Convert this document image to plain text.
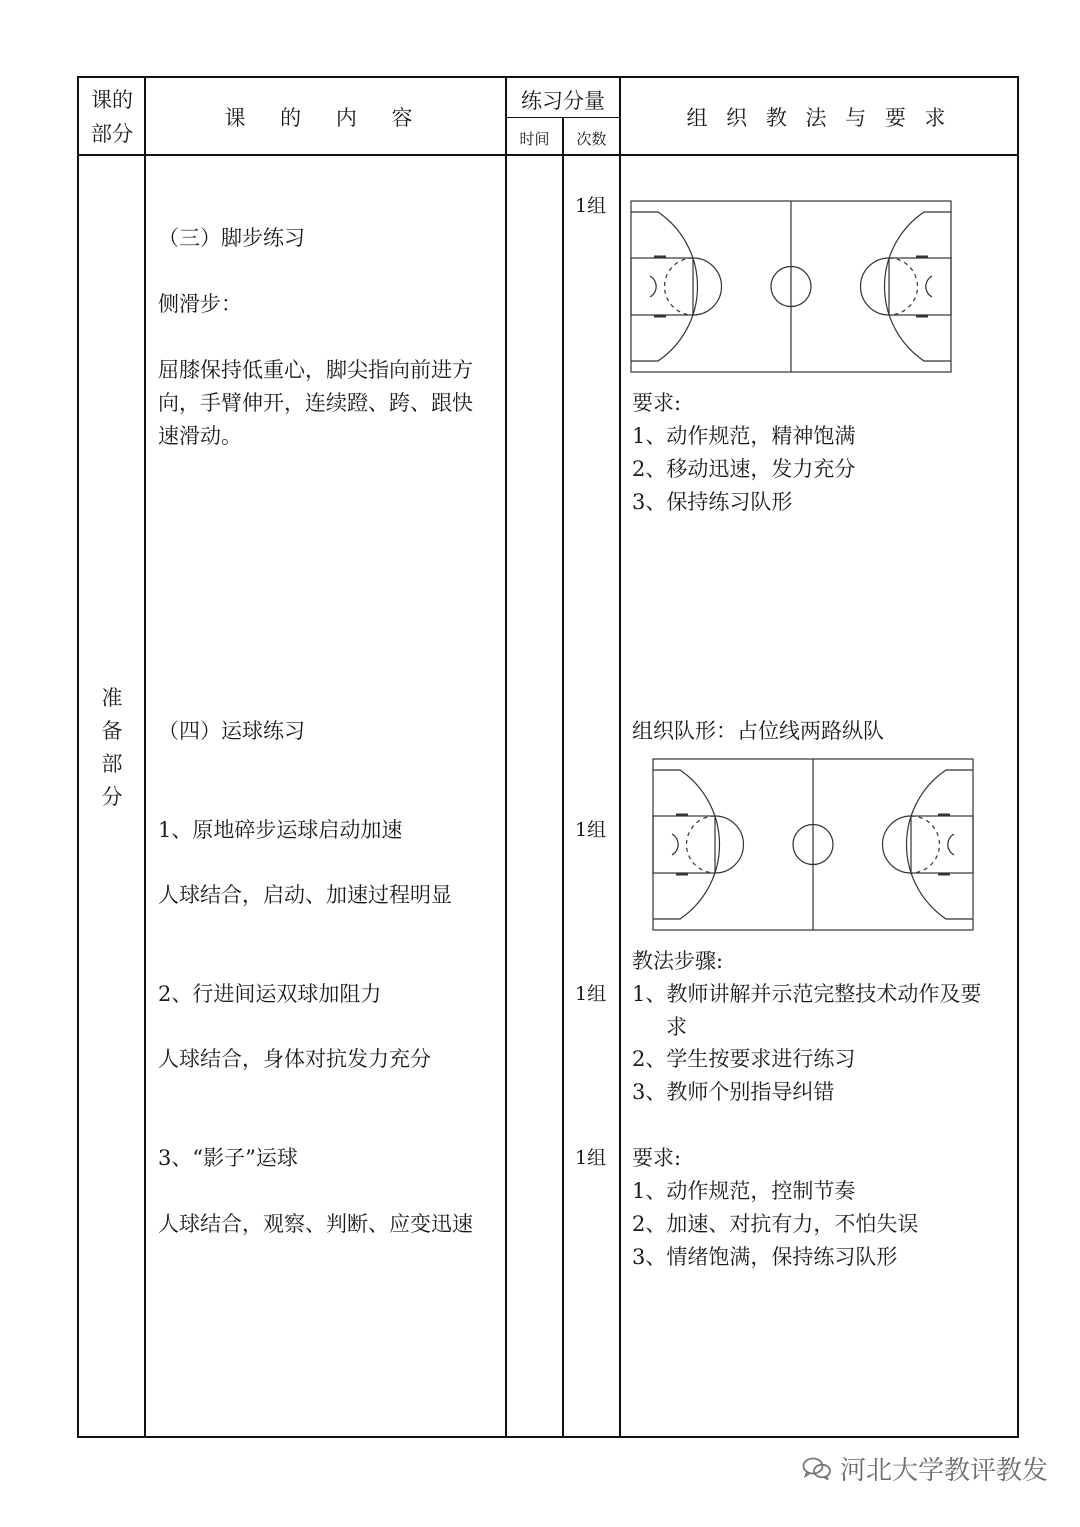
课的
部分
课 的 内 容
练习分量
时间	次数
组 织 教 法 与 要 求
准
备
部
分
（三）脚步练习
侧滑步：
屈膝保持低重心，脚尖指向前进方
向，手臂伸开，连续蹬、跨、跟快
速滑动。
（四）运球练习
1、原地碎步运球启动加速
人球结合，启动、加速过程明显
2、行进间运双球加阻力
人球结合，身体对抗发力充分
3、“影子”运球
人球结合，观察、判断、应变迅速
1组
1组
1组
1组
要求:
1、动作规范，精神饱满
2、移动迅速，发力充分
3、保持练习队形
组织队形：占位线两路纵队
教法步骤:
1、教师讲解并示范完整技术动作及要
求
2、学生按要求进行练习
3、教师个别指导纠错
要求:
1、动作规范，控制节奏
2、加速、对抗有力，不怕失误
3、情绪饱满，保持练习队形
河北大学教评教发
